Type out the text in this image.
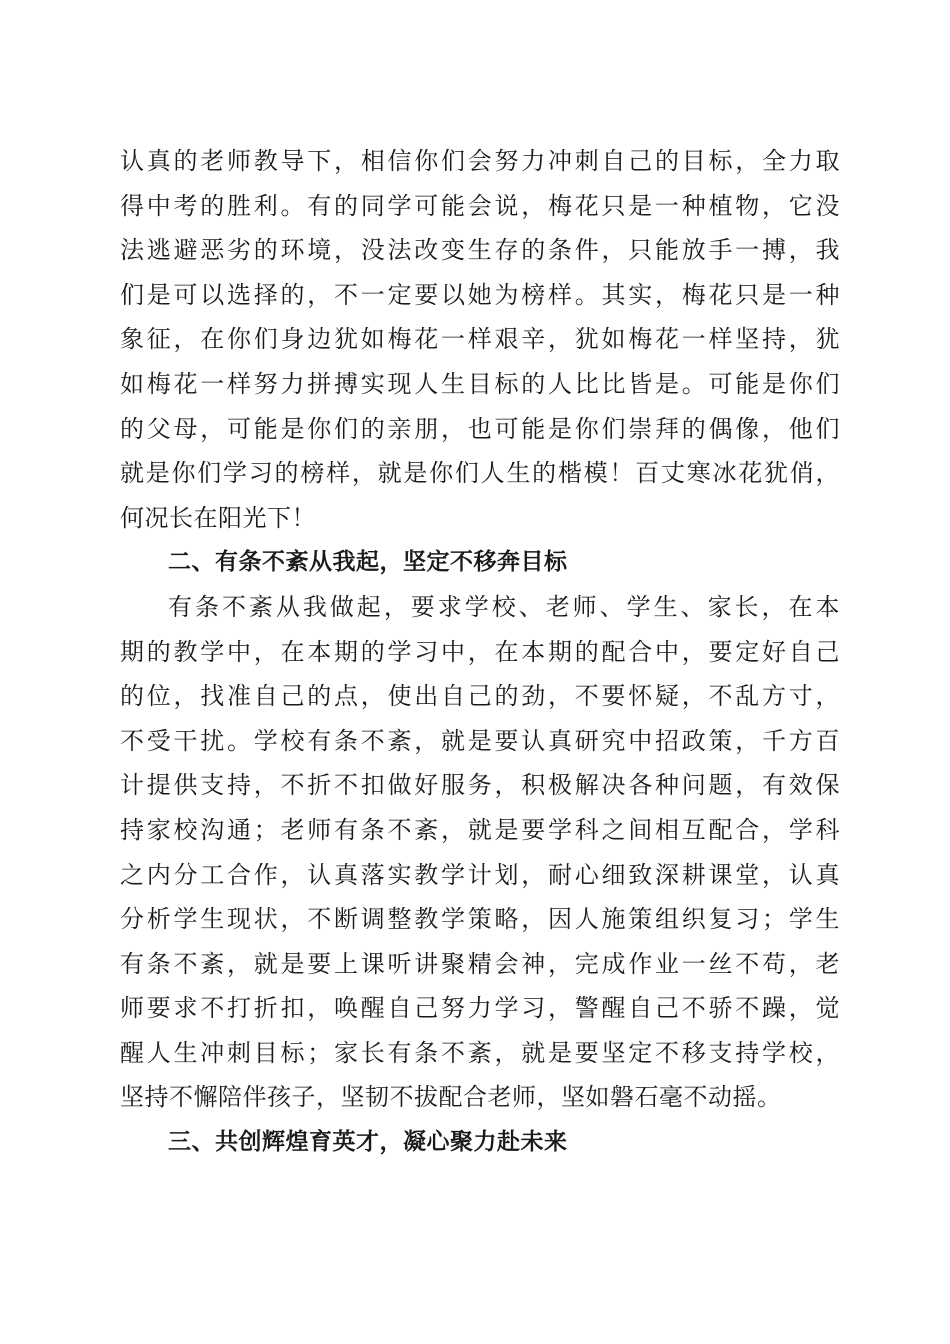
认真的老师教导下，相信你们会努力冲刺自己的目标，全力取
得中考的胜利。有的同学可能会说，梅花只是一种植物，它没
法逃避恶劣的环境，没法改变生存的条件，只能放手一搏，我
们是可以选择的，不一定要以她为榜样。其实，梅花只是一种
象征，在你们身边犹如梅花一样艰辛，犹如梅花一样坚持，犹
如梅花一样努力拼搏实现人生目标的人比比皆是。可能是你们
的父母，可能是你们的亲朋，也可能是你们崇拜的偶像，他们
就是你们学习的榜样，就是你们人生的楷模！百丈寒冰花犹俏，
何况长在阳光下！
二、有条不紊从我起，坚定不移奔目标
有条不紊从我做起，要求学校、老师、学生、家长，在本
期的教学中，在本期的学习中，在本期的配合中，要定好自己
的位，找准自己的点，使出自己的劲，不要怀疑，不乱方寸，
不受干扰。学校有条不紊，就是要认真研究中招政策，千方百
计提供支持，不折不扣做好服务，积极解决各种问题，有效保
持家校沟通；老师有条不紊，就是要学科之间相互配合，学科
之内分工合作，认真落实教学计划，耐心细致深耕课堂，认真
分析学生现状，不断调整教学策略，因人施策组织复习；学生
有条不紊，就是要上课听讲聚精会神，完成作业一丝不苟，老
师要求不打折扣，唤醒自己努力学习，警醒自己不骄不躁，觉
醒人生冲刺目标；家长有条不紊，就是要坚定不移支持学校，
坚持不懈陪伴孩子，坚韧不拔配合老师，坚如磐石毫不动摇。
三、共创辉煌育英才，凝心聚力赴未来
